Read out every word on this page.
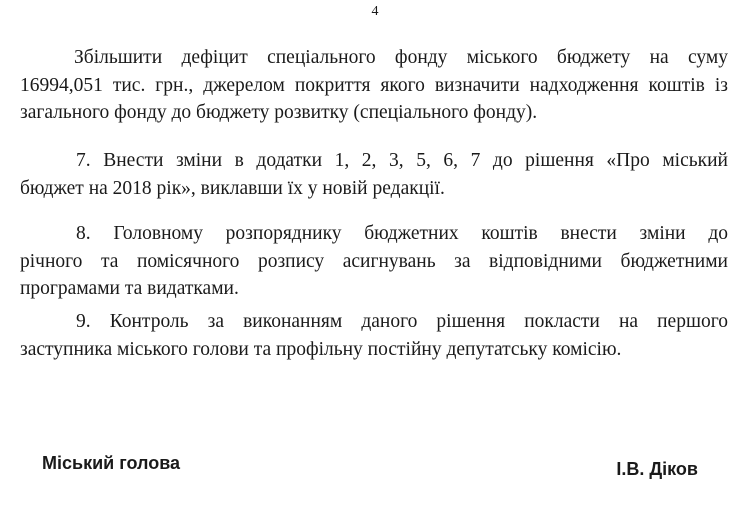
4
Збільшити дефіцит спеціального фонду міського бюджету на суму
16994,051 тис. грн., джерелом покриття якого визначити надходження коштів із загального фонду до бюджету розвитку (спеціального фонду).
7. Внести зміни в додатки 1, 2, 3, 5, 6, 7 до рішення «Про міський
бюджет на 2018 рік», виклавши їх у новій редакції.
8. Головному розпоряднику бюджетних коштів внести зміни до
річного та помісячного розпису асигнувань за відповідними бюджетними програмами та видатками.
9. Контроль за виконанням даного рішення покласти на першого
заступника міського голови та профільну постійну депутатську комісію.
Міський голова	І.В. Діков
